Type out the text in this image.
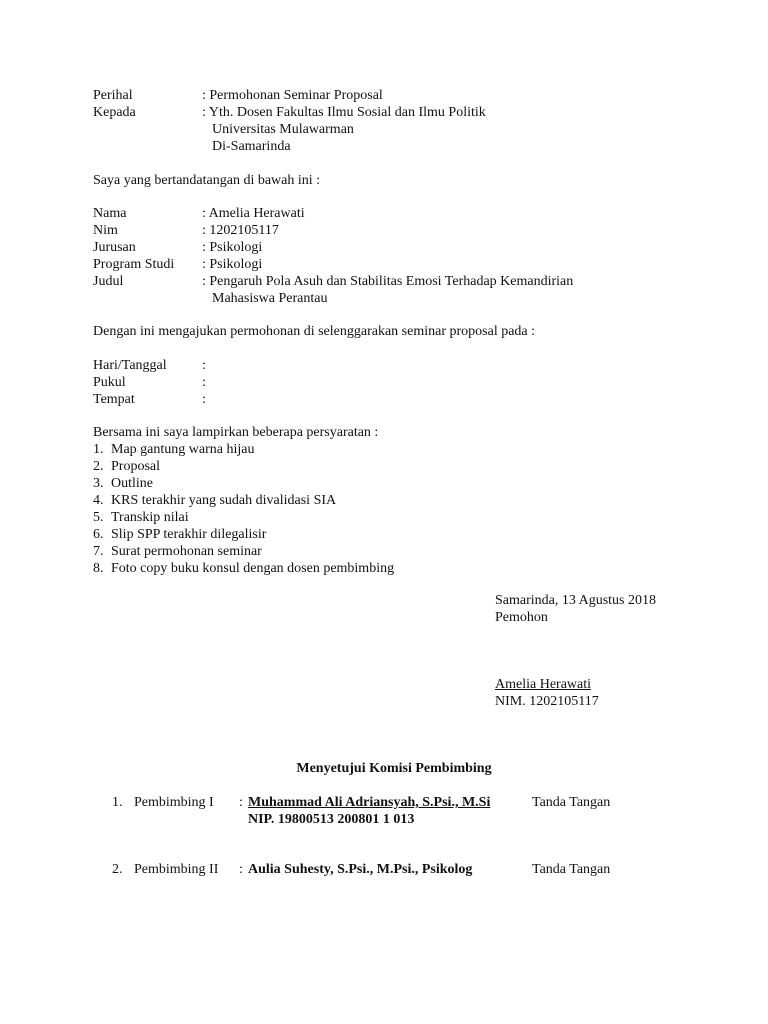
Perihal	: Permohonan Seminar Proposal
Kepada	: Yth. Dosen Fakultas Ilmu Sosial dan Ilmu Politik
Universitas Mulawarman
Di-Samarinda
Saya yang bertandatangan di bawah ini :
Nama	: Amelia Herawati
Nim	: 1202105117
Jurusan	: Psikologi
Program Studi : Psikologi
Judul	: Pengaruh Pola Asuh dan Stabilitas Emosi Terhadap Kemandirian
Mahasiswa Perantau
Dengan ini mengajukan permohonan di selenggarakan seminar proposal pada :
Hari/Tanggal	:
Pukul	:
Tempat	:
Bersama ini saya lampirkan beberapa persyaratan :
1. Map gantung warna hijau
2. Proposal
3. Outline
4. KRS terakhir yang sudah divalidasi SIA
5. Transkip nilai
6. Slip SPP terakhir dilegalisir
7. Surat permohonan seminar
8. Foto copy buku konsul dengan dosen pembimbing
Samarinda, 13 Agustus 2018
Pemohon
Amelia Herawati
NIM. 1202105117
Menyetujui Komisi Pembimbing
1. Pembimbing I : Muhammad Ali Adriansyah, S.Psi., M.Si	Tanda Tangan
NIP. 19800513 200801 1 013
2. Pembimbing II : Aulia Suhesty, S.Psi., M.Psi., Psikolog	Tanda Tangan
